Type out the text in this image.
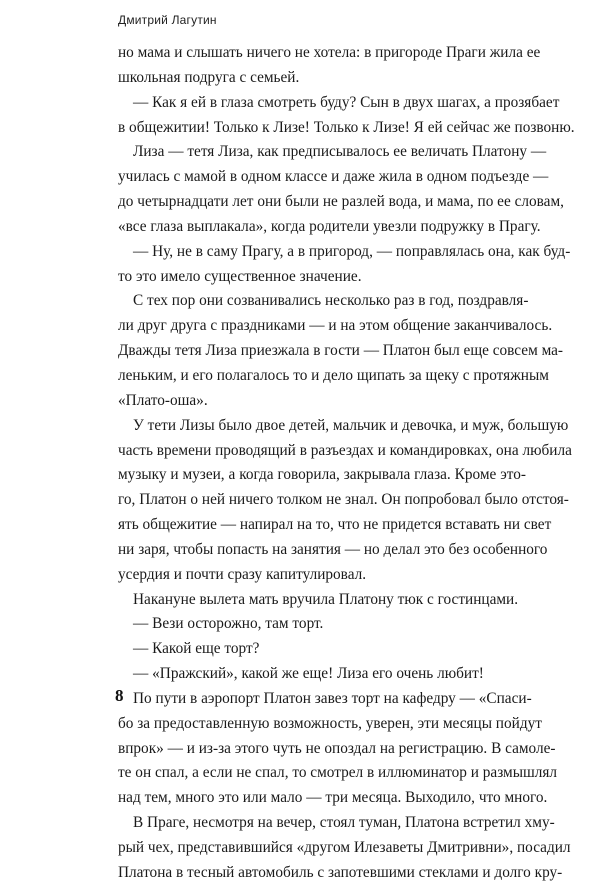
Дмитрий Лагутин
но мама и слышать ничего не хотела: в пригороде Праги жила ее
школьная подруга с семьей.
— Как я ей в глаза смотреть буду? Сын в двух шагах, а прозябает
в общежитии! Только к Лизе! Только к Лизе! Я ей сейчас же позвоню.
Лиза — тетя Лиза, как предписывалось ее величать Платону —
училась с мамой в одном классе и даже жила в одном подъезде —
до четырнадцати лет они были не разлей вода, и мама, по ее словам,
«все глаза выплакала», когда родители увезли подружку в Прагу.
— Ну, не в саму Прагу, а в пригород, — поправлялась она, как буд-
то это имело существенное значение.
С тех пор они созванивались несколько раз в год, поздравля-
ли друг друга с праздниками — и на этом общение заканчивалось.
Дважды тетя Лиза приезжала в гости — Платон был еще совсем ма-
леньким, и его полагалось то и дело щипать за щеку с протяжным
«Плато-оша».
У тети Лизы было двое детей, мальчик и девочка, и муж, большую
часть времени проводящий в разъездах и командировках, она любила
музыку и музеи, а когда говорила, закрывала глаза. Кроме это-
го, Платон о ней ничего толком не знал. Он попробовал было отстоя-
ять общежитие — напирал на то, что не придется вставать ни свет
ни заря, чтобы попасть на занятия — но делал это без особенного
усердия и почти сразу капитулировал.
Накануне вылета мать вручила Платону тюк с гостинцами.
— Вези осторожно, там торт.
— Какой еще торт?
— «Пражский», какой же еще! Лиза его очень любит!
По пути в аэропорт Платон завез торт на кафедру — «Спаси-
бо за предоставленную возможность, уверен, эти месяцы пойдут
впрок» — и из-за этого чуть не опоздал на регистрацию. В самоле-
те он спал, а если не спал, то смотрел в иллюминатор и размышлял
над тем, много это или мало — три месяца. Выходило, что много.
В Праге, несмотря на вечер, стоял туман, Платона встретил хму-
рый чех, представившийся «другом Илезаветы Дмитривни», посадил
Платона в тесный автомобиль с запотевшими стеклами и долго кру-
8
